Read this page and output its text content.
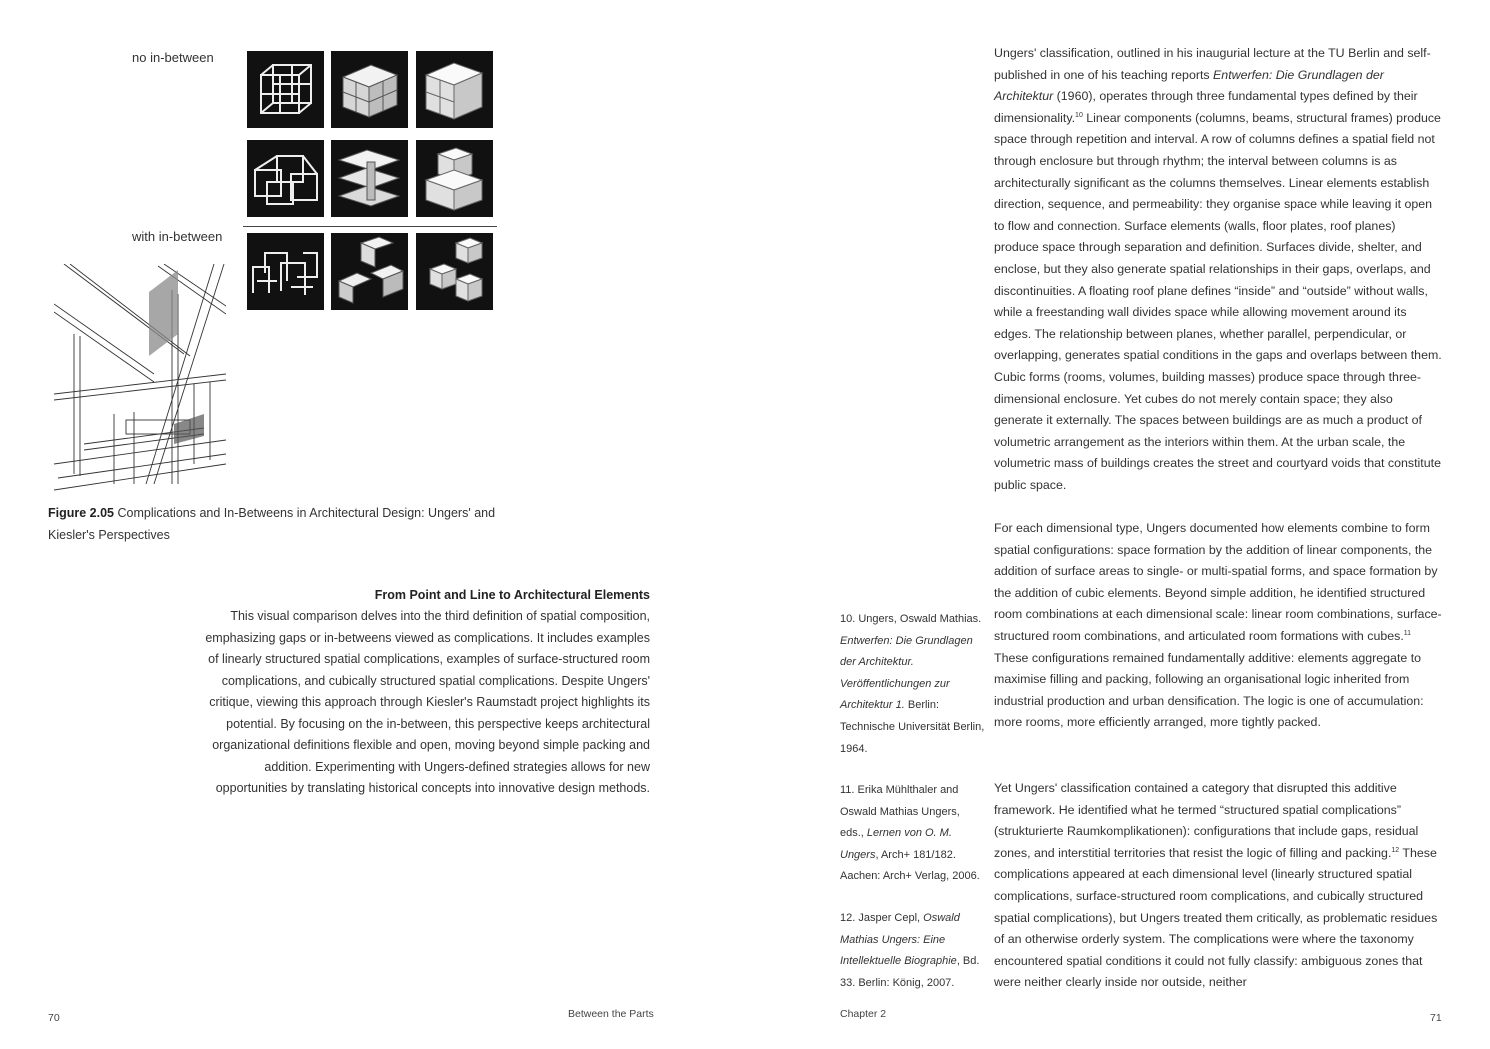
no in-between
with in-between
Figure 2.05 Complications and In-Betweens in Architectural Design: Ungers' and Kiesler's Perspectives
From Point and Line to Architectural Elements
This visual comparison delves into the third definition of spatial composition, emphasizing gaps or in-betweens viewed as complications. It includes examples of linearly structured spatial complications, examples of surface-structured room complications, and cubically structured spatial complications. Despite Ungers' critique, viewing this approach through Kiesler's Raumstadt project highlights its potential. By focusing on the in-between, this perspective keeps architectural organizational definitions flexible and open, moving beyond simple packing and addition. Experimenting with Ungers-defined strategies allows for new opportunities by translating historical concepts into innovative design methods.

Ungers' classification, outlined in his inaugurial lecture at the TU Berlin and self-published in one of his teaching reports Entwerfen: Die Grundlagen der Architektur (1960), operates through three fundamental types defined by their dimensionality.$^{10}$ Linear components (columns, beams, structural frames) produce space through repetition and interval. A row of columns defines a spatial field not through enclosure but through rhythm; the interval between columns is as architecturally significant as the columns themselves. Linear elements establish direction, sequence, and permeability: they organise space while leaving it open to flow and connection. Surface elements (walls, floor plates, roof planes) produce space through separation and definition. Surfaces divide, shelter, and enclose, but they also generate spatial relationships in their gaps, overlaps, and discontinuities. A floating roof plane defines “inside” and “outside” without walls, while a freestanding wall divides space while allowing movement around its edges. The relationship between planes, whether parallel, perpendicular, or overlapping, generates spatial conditions in the gaps and overlaps between them. Cubic forms (rooms, volumes, building masses) produce space through three-dimensional enclosure. Yet cubes do not merely contain space; they also generate it externally. The spaces between buildings are as much a product of volumetric arrangement as the interiors within them. At the urban scale, the volumetric mass of buildings creates the street and courtyard voids that constitute public space.

For each dimensional type, Ungers documented how elements combine to form spatial configurations: space formation by the addition of linear components, the addition of surface areas to single- or multi-spatial forms, and space formation by the addition of cubic elements. Beyond simple addition, he identified structured room combinations at each dimensional scale: linear room combinations, surface-structured room combinations, and articulated room formations with cubes.$^{11}$ These configurations remained fundamentally additive: elements aggregate to maximise filling and packing, following an organisational logic inherited from industrial production and urban densification. The logic is one of accumulation: more rooms, more efficiently arranged, more tightly packed.

Yet Ungers' classification contained a category that disrupted this additive framework. He identified what he termed “structured spatial complications” (strukturierte Raumkomplikationen): configurations that include gaps, residual zones, and interstitial territories that resist the logic of filling and packing.$^{12}$ These complications appeared at each dimensional level (linearly structured spatial complications, surface-structured room complications, and cubically structured spatial complications), but Ungers treated them critically, as problematic residues of an otherwise orderly system. The complications were where the taxonomy encountered spatial conditions it could not fully classify: ambiguous zones that were neither clearly inside nor outside, neither

10. Ungers, Oswald Mathias. Entwerfen: Die Grundlagen der Architektur. Veröffentlichungen zur Architektur 1. Berlin: Technische Universität Berlin, 1964.

11. Erika Mühlthaler and Oswald Mathias Ungers, eds., Lernen von O. M. Ungers, Arch+ 181/182. Aachen: Arch+ Verlag, 2006.

12. Jasper Cepl, Oswald Mathias Ungers: Eine Intellektuelle Biographie, Bd. 33. Berlin: König, 2007.

70	Between the Parts	Chapter 2	71
